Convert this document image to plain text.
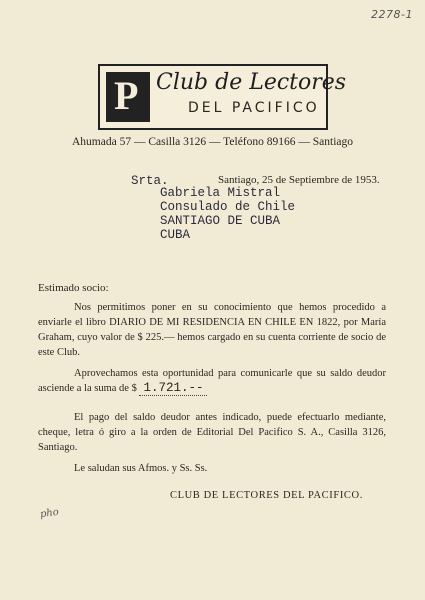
2278-1
P Club de Lectores
DEL PACIFICO
Ahumada 57 — Casilla 3126 — Teléfono 89166 — Santiago
Srta.	Santiago, 25 de Septiembre de 1953.
Gabriela Mistral
Consulado de Chile
SANTIAGO DE CUBA
CUBA
Estimado socio:
Nos permitimos poner en su conocimiento que hemos procedido a enviarle el libro DIARIO DE MI RESIDENCIA EN CHILE EN 1822, por María Graham, cuyo valor de $ 225.— hemos cargado en su cuenta corriente de socio de este Club.
Aprovechamos esta oportunidad para comunicarle que su saldo deudor asciende a la suma de $ 1.721.--
El pago del saldo deudor antes indicado, puede efectuarlo mediante, cheque, letra ó giro a la orden de Editorial Del Pacifico S. A., Casilla 3126, Santiago.
Le saludan sus Afmos. y Ss. Ss.
CLUB DE LECTORES DEL PACIFICO.
pho
